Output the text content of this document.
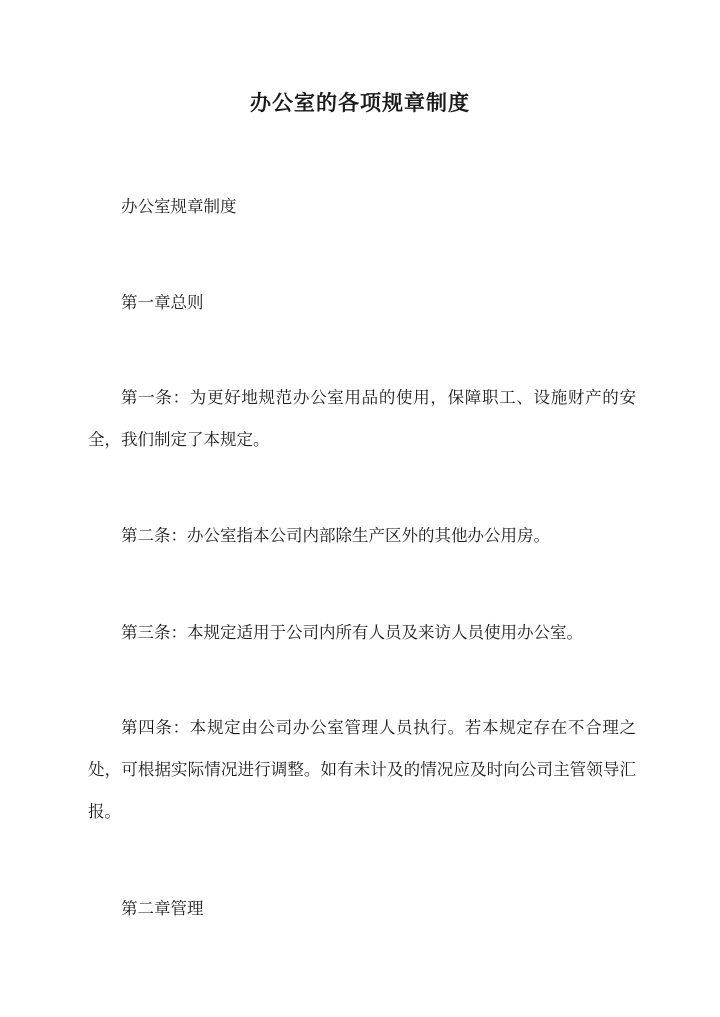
办公室的各项规章制度

办公室规章制度

第一章总则

第一条：为更好地规范办公室用品的使用，保障职工、设施财产的安全，我们制定了本规定。

第二条：办公室指本公司内部除生产区外的其他办公用房。

第三条：本规定适用于公司内所有人员及来访人员使用办公室。

第四条：本规定由公司办公室管理人员执行。若本规定存在不合理之处，可根据实际情况进行调整。如有未计及的情况应及时向公司主管领导汇报。

第二章管理
